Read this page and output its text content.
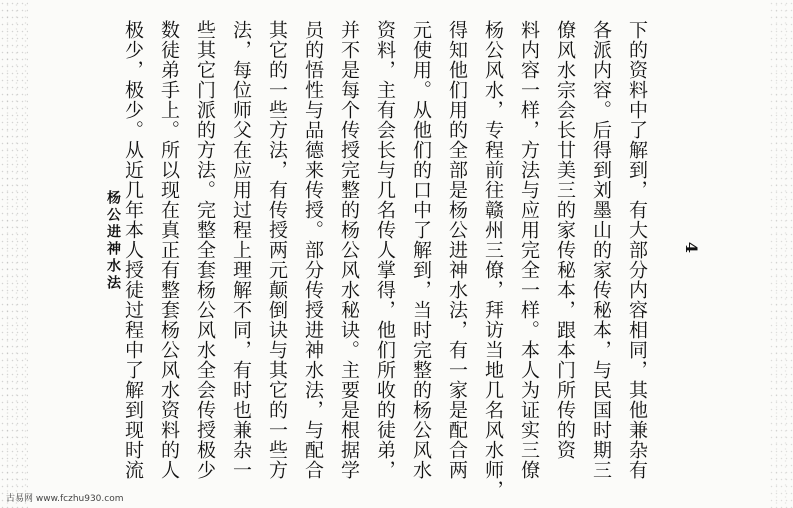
杨公进神水法	下的资料中了解到，有大部分内容相同，其他兼杂有
各派内容。后得到刘墨山的家传秘本，与民国时期三
僚风水宗会长廿美三的家传秘本，跟本门所传的资
料内容一样，方法与应用完全一样。本人为证实三僚
杨公风水，专程前往赣州三僚，拜访当地几名风水师，
得知他们用的全部是杨公进神水法，有一家是配合两
元使用。从他们的口中了解到，当时完整的杨公风水
资料，主有会长与几名传人掌得，他们所收的徒弟，
并不是每个传授完整的杨公风水秘诀。主要是根据学
员的悟性与品德来传授。部分传授进神水法，与配合
其它的一些方法，有传授两元颠倒诀与其它的一些方
法，每位师父在应用过程上理解不同，有时也兼杂一
些其它门派的方法。完整全套杨公风水全会传授极少
数徒弟手上。所以现在真正有整套杨公风水资料的人
极少，极少。从近几年本人授徒过程中了解到现时流	4
古易网 www.fczhu930.com
